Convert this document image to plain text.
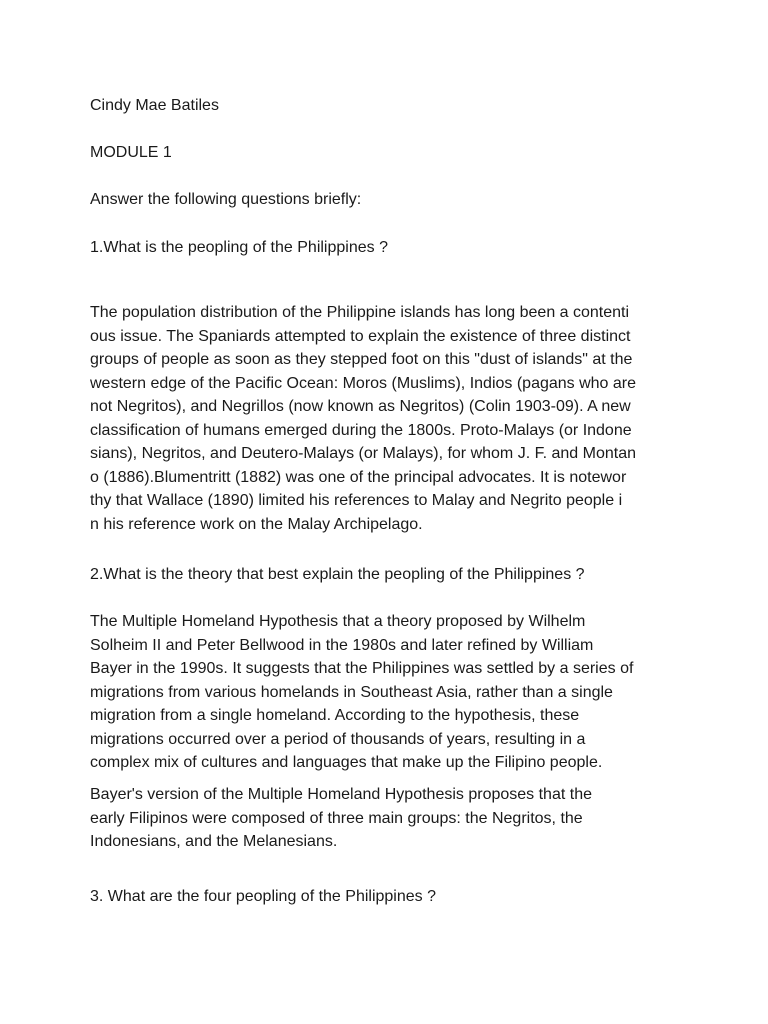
Cindy Mae Batiles

MODULE 1

Answer the following questions briefly:

1.What is the peopling of the Philippines ?

The population distribution of the Philippine islands has long been a contenti
ous issue. The Spaniards attempted to explain the existence of three distinct
groups of people as soon as they stepped foot on this "dust of islands" at the
western edge of the Pacific Ocean: Moros (Muslims), Indios (pagans who are
not Negritos), and Negrillos (now known as Negritos) (Colin 1903-09). A new
classification of humans emerged during the 1800s. Proto-Malays (or Indone
sians), Negritos, and Deutero-Malays (or Malays), for whom J. F. and Montan
o (1886).Blumentritt (1882) was one of the principal advocates. It is notewor
thy that Wallace (1890) limited his references to Malay and Negrito people i
n his reference work on the Malay Archipelago.

2.What is the theory that best explain the peopling of the Philippines ?

The Multiple Homeland Hypothesis that a theory proposed by Wilhelm
Solheim II and Peter Bellwood in the 1980s and later refined by William
Bayer in the 1990s. It suggests that the Philippines was settled by a series of
migrations from various homelands in Southeast Asia, rather than a single
migration from a single homeland. According to the hypothesis, these
migrations occurred over a period of thousands of years, resulting in a
complex mix of cultures and languages that make up the Filipino people.
Bayer's version of the Multiple Homeland Hypothesis proposes that the
early Filipinos were composed of three main groups: the Negritos, the
Indonesians, and the Melanesians.

3. What are the four peopling of the Philippines ?
